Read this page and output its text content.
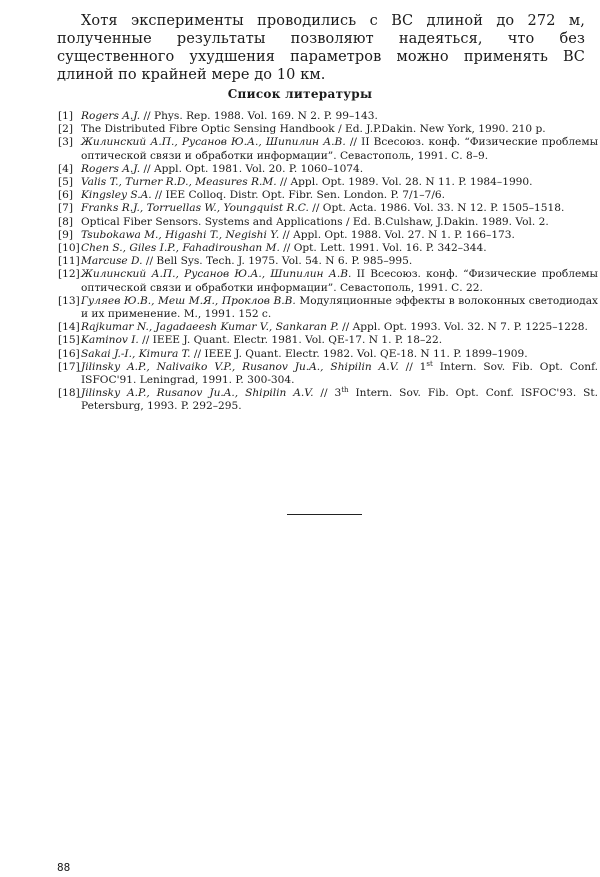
Хотя эксперименты проводились с ВС длиной до 272 м, полученные результаты позволяют надеяться, что без существенного ухудшения параметров можно применять ВС длиной по крайней мере до 10 км.

Список литературы
[1] Rogers A.J. // Phys. Rep. 1988. Vol. 169. N 2. P. 99–143.
[2] The Distributed Fibre Optic Sensing Handbook / Ed. J.P.Dakin. New York, 1990. 210 p.
[3] Жилинский А.П., Русанов Ю.А., Шипилин А.В. // II Всесоюз. конф. “Физические проблемы оптической связи и обработки информации”. Севастополь, 1991. С. 8–9.
[4] Rogers A.J. // Appl. Opt. 1981. Vol. 20. P. 1060–1074.
[5] Valis T., Turner R.D., Measures R.M. // Appl. Opt. 1989. Vol. 28. N 11. P. 1984–1990.
[6] Kingsley S.A. // IEE Colloq. Distr. Opt. Fibr. Sen. London. P. 7/1–7/6.
[7] Franks R.J., Torruellas W., Youngquist R.C. // Opt. Acta. 1986. Vol. 33. N 12. P. 1505–1518.
[8] Optical Fiber Sensors. Systems and Applications / Ed. B.Culshaw, J.Dakin. 1989. Vol. 2.
[9] Tsubokawa M., Higashi T., Negishi Y. // Appl. Opt. 1988. Vol. 27. N 1. P. 166–173.
[10] Chen S., Giles I.P., Fahadiroushan M. // Opt. Lett. 1991. Vol. 16. P. 342–344.
[11] Marcuse D. // Bell Sys. Tech. J. 1975. Vol. 54. N 6. P. 985–995.
[12] Жилинский А.П., Русанов Ю.А., Шипилин А.В. II Всесоюз. конф. “Физические проблемы оптической связи и обработки информации”. Севастополь, 1991. С. 22.
[13] Гуляев Ю.В., Меш М.Я., Проклов В.В. Модуляционные эффекты в волоконных светодиодах и их применение. М., 1991. 152 с.
[14] Rajkumar N., Jagadaeesh Kumar V., Sankaran P. // Appl. Opt. 1993. Vol. 32. N 7. P. 1225–1228.
[15] Kaminov I. // IEEE J. Quant. Electr. 1981. Vol. QE-17. N 1. P. 18–22.
[16] Sakai J.-I., Kimura T. // IEEE J. Quant. Electr. 1982. Vol. QE-18. N 11. P. 1899–1909.
[17] Jilinsky A.P., Nalivaiko V.P., Rusanov Ju.A., Shipilin A.V. // 1st Intern. Sov. Fib. Opt. Conf. ISFOC'91. Leningrad, 1991. P. 300-304.
[18] Jilinsky A.P., Rusanov Ju.A., Shipilin A.V. // 3th Intern. Sov. Fib. Opt. Conf. ISFOC'93. St. Petersburg, 1993. P. 292–295.
88
